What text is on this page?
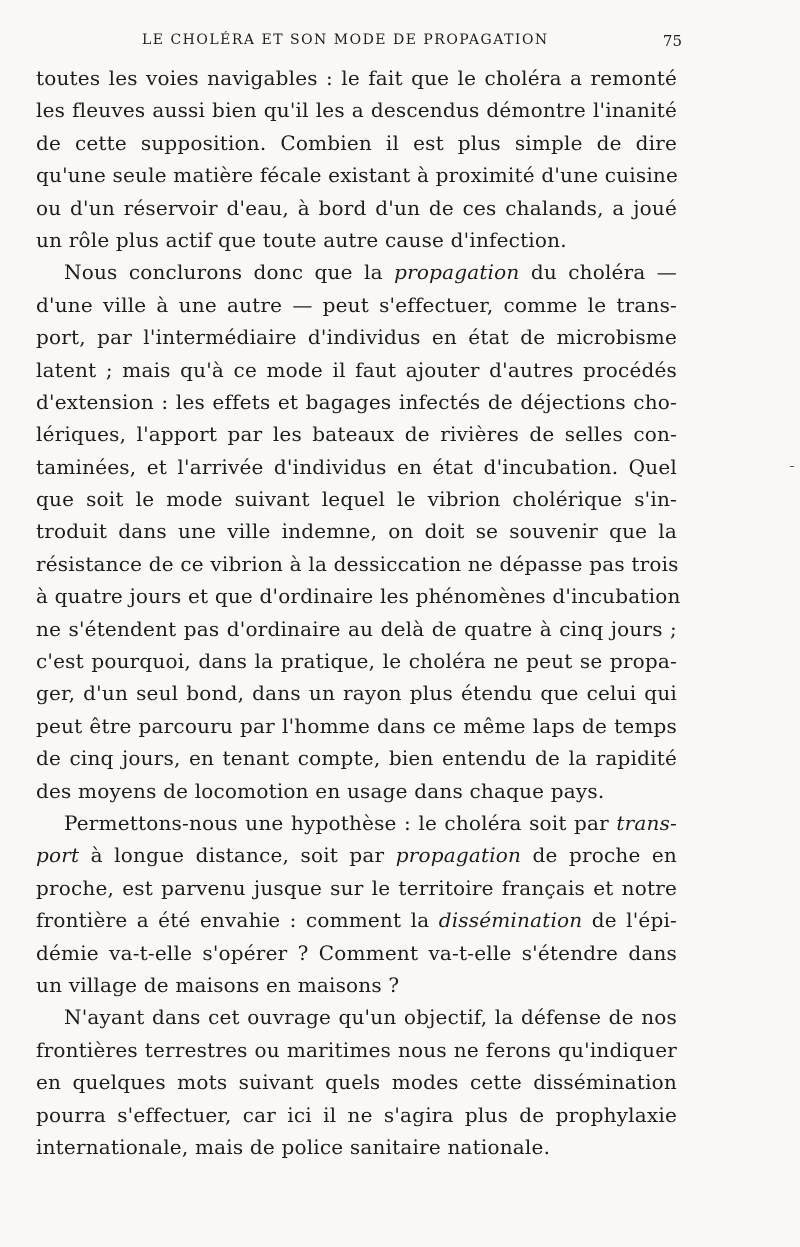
LE CHOLÉRA ET SON MODE DE PROPAGATION	75
toutes les voies navigables : le fait que le choléra a remonté
les fleuves aussi bien qu'il les a descendus démontre l'inanité
de cette supposition. Combien il est plus simple de dire
qu'une seule matière fécale existant à proximité d'une cuisine
ou d'un réservoir d'eau, à bord d'un de ces chalands, a joué
un rôle plus actif que toute autre cause d'infection.
Nous conclurons donc que la propagation du choléra —
d'une ville à une autre — peut s'effectuer, comme le trans-
port, par l'intermédiaire d'individus en état de microbisme
latent ; mais qu'à ce mode il faut ajouter d'autres procédés
d'extension : les effets et bagages infectés de déjections cho-
lériques, l'apport par les bateaux de rivières de selles con-
taminées, et l'arrivée d'individus en état d'incubation. Quel
que soit le mode suivant lequel le vibrion cholérique s'in-
troduit dans une ville indemne, on doit se souvenir que la
résistance de ce vibrion à la dessiccation ne dépasse pas trois
à quatre jours et que d'ordinaire les phénomènes d'incubation
ne s'étendent pas d'ordinaire au delà de quatre à cinq jours ;
c'est pourquoi, dans la pratique, le choléra ne peut se propa-
ger, d'un seul bond, dans un rayon plus étendu que celui qui
peut être parcouru par l'homme dans ce même laps de temps
de cinq jours, en tenant compte, bien entendu de la rapidité
des moyens de locomotion en usage dans chaque pays.
Permettons-nous une hypothèse : le choléra soit par trans-
port à longue distance, soit par propagation de proche en
proche, est parvenu jusque sur le territoire français et notre
frontière a été envahie : comment la dissémination de l'épi-
démie va-t-elle s'opérer ? Comment va-t-elle s'étendre dans
un village de maisons en maisons ?
N'ayant dans cet ouvrage qu'un objectif, la défense de nos
frontières terrestres ou maritimes nous ne ferons qu'indiquer
en quelques mots suivant quels modes cette dissémination
pourra s'effectuer, car ici il ne s'agira plus de prophylaxie
internationale, mais de police sanitaire nationale.
